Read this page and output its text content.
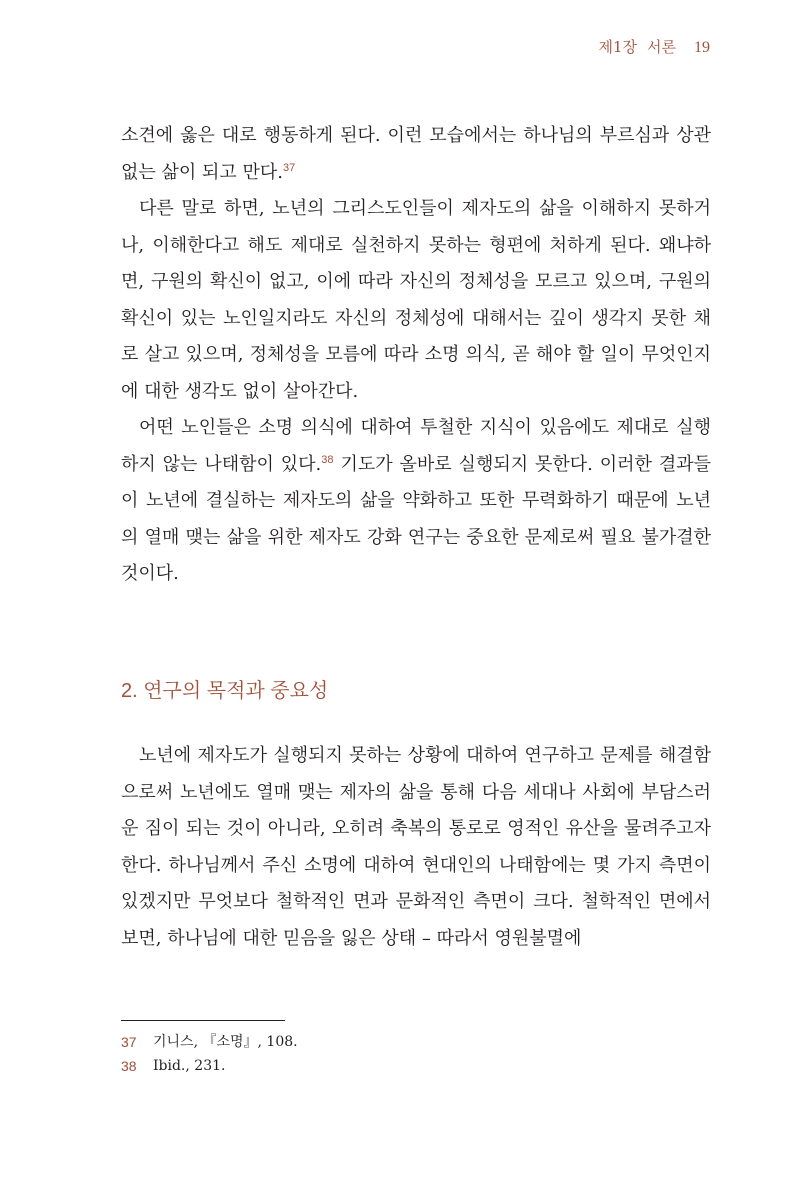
제1장 서론 19

소견에 옳은 대로 행동하게 된다. 이런 모습에서는 하나님의 부르심과 상관없는 삶이 되고 만다.$^{37}$

다른 말로 하면, 노년의 그리스도인들이 제자도의 삶을 이해하지 못하거나, 이해한다고 해도 제대로 실천하지 못하는 형편에 처하게 된다. 왜냐하면, 구원의 확신이 없고, 이에 따라 자신의 정체성을 모르고 있으며, 구원의 확신이 있는 노인일지라도 자신의 정체성에 대해서는 깊이 생각지 못한 채로 살고 있으며, 정체성을 모름에 따라 소명 의식, 곧 해야 할 일이 무엇인지에 대한 생각도 없이 살아간다.

어떤 노인들은 소명 의식에 대하여 투철한 지식이 있음에도 제대로 실행하지 않는 나태함이 있다.$^{38}$ 기도가 올바로 실행되지 못한다. 이러한 결과들이 노년에 결실하는 제자도의 삶을 약화하고 또한 무력화하기 때문에 노년의 열매 맺는 삶을 위한 제자도 강화 연구는 중요한 문제로써 필요 불가결한 것이다.

2. 연구의 목적과 중요성

노년에 제자도가 실행되지 못하는 상황에 대하여 연구하고 문제를 해결함으로써 노년에도 열매 맺는 제자의 삶을 통해 다음 세대나 사회에 부담스러운 짐이 되는 것이 아니라, 오히려 축복의 통로로 영적인 유산을 물려주고자 한다. 하나님께서 주신 소명에 대하여 현대인의 나태함에는 몇 가지 측면이 있겠지만 무엇보다 철학적인 면과 문화적인 측면이 크다. 철학적인 면에서 보면, 하나님에 대한 믿음을 잃은 상태 – 따라서 영원불멸에

37 기니스, 『소명』, 108.
38 Ibid., 231.
